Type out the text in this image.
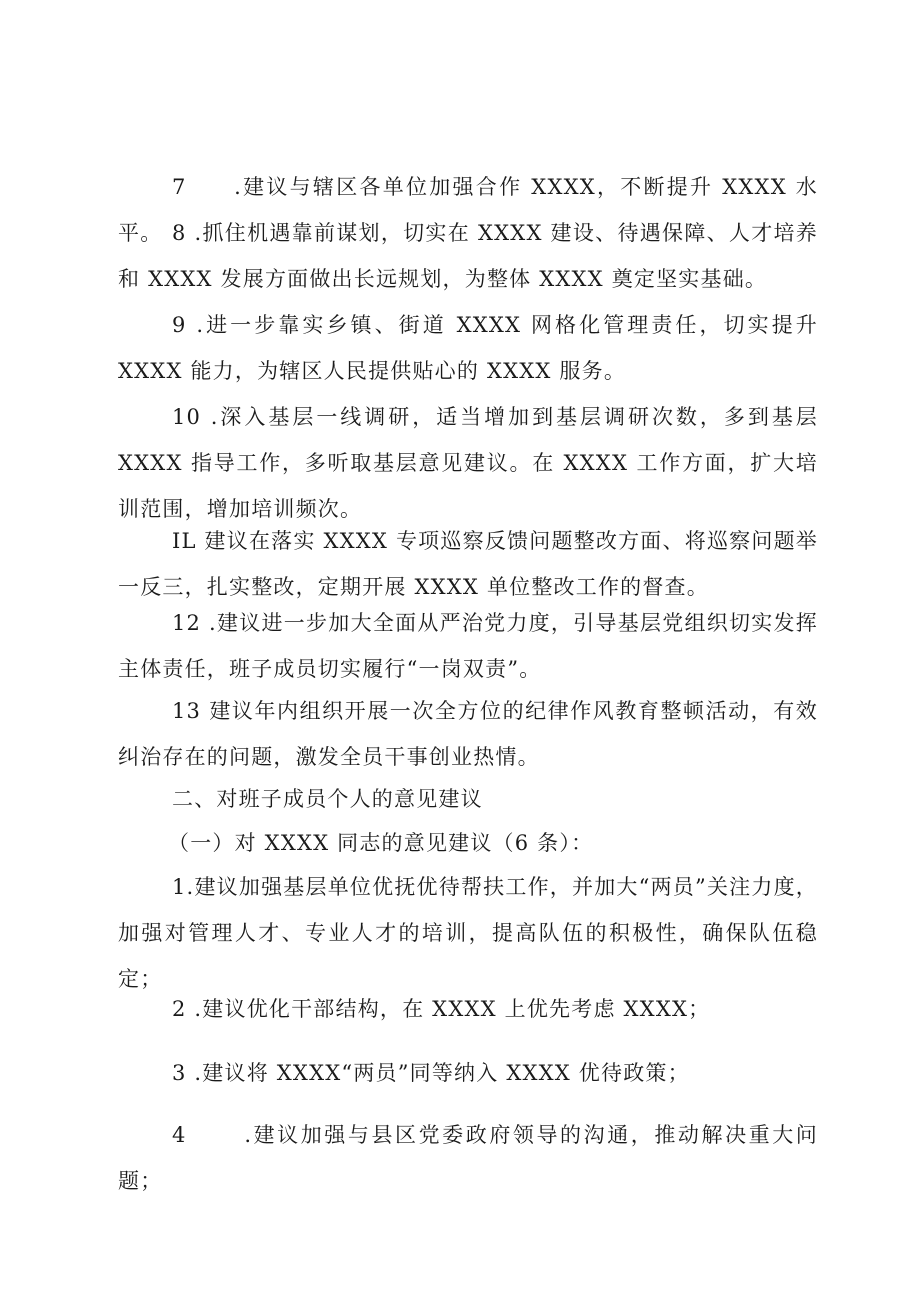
7　　.建议与辖区各单位加强合作 XXXX，不断提升 XXXX 水平。 8 .抓住机遇靠前谋划，切实在 XXXX 建设、待遇保障、人才培养和 XXXX 发展方面做出长远规划，为整体 XXXX 奠定坚实基础。

9 .进一步靠实乡镇、街道 XXXX 网格化管理责任，切实提升 XXXX 能力，为辖区人民提供贴心的 XXXX 服务。

10 .深入基层一线调研，适当增加到基层调研次数，多到基层 XXXX 指导工作，多听取基层意见建议。在 XXXX 工作方面，扩大培训范围，增加培训频次。

IL 建议在落实 XXXX 专项巡察反馈问题整改方面、将巡察问题举一反三，扎实整改，定期开展 XXXX 单位整改工作的督查。

12 .建议进一步加大全面从严治党力度，引导基层党组织切实发挥主体责任，班子成员切实履行“一岗双责”。

13 建议年内组织开展一次全方位的纪律作风教育整顿活动，有效纠治存在的问题，激发全员干事创业热情。

二、对班子成员个人的意见建议

（一）对 XXXX 同志的意见建议（6 条）：

1.建议加强基层单位优抚优待帮扶工作，并加大“两员”关注力度，加强对管理人才、专业人才的培训，提高队伍的积极性，确保队伍稳定；

2 .建议优化干部结构，在 XXXX 上优先考虑 XXXX；

3 .建议将 XXXX“两员”同等纳入 XXXX 优待政策；

4　　 .建议加强与县区党委政府领导的沟通，推动解决重大问题；
